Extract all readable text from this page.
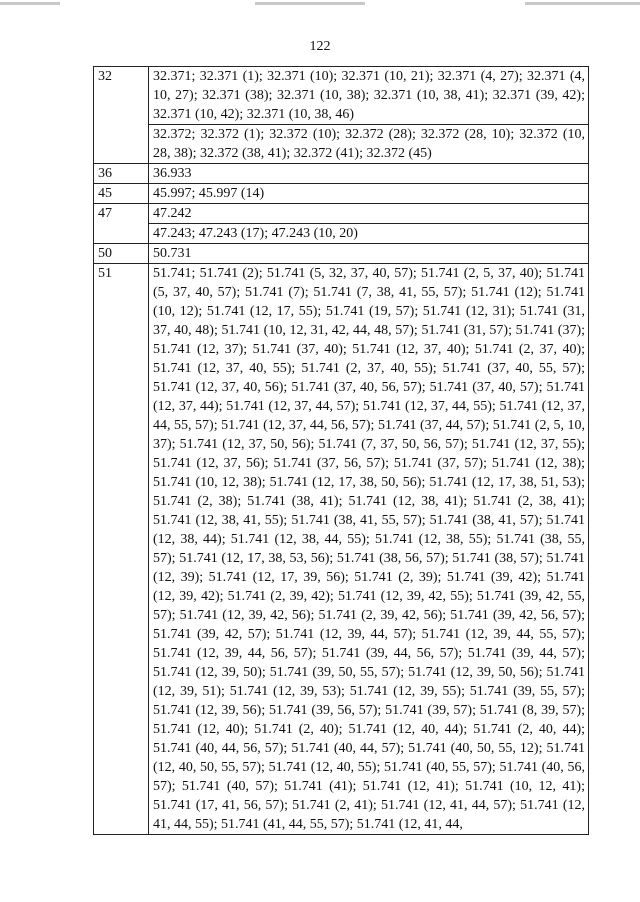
122
32	32.371; 32.371 (1); 32.371 (10); 32.371 (10, 21); 32.371 (4, 27); 32.371 (4, 10, 27); 32.371 (38); 32.371 (10, 38); 32.371 (10, 38, 41); 32.371 (39, 42); 32.371 (10, 42); 32.371 (10, 38, 46)
	32.372; 32.372 (1); 32.372 (10); 32.372 (28); 32.372 (28, 10); 32.372 (10, 28, 38); 32.372 (38, 41); 32.372 (41); 32.372 (45)
36	36.933
45	45.997; 45.997 (14)
47	47.242
	47.243; 47.243 (17); 47.243 (10, 20)
50	50.731
51	51.741; 51.741 (2); 51.741 (5, 32, 37, 40, 57); 51.741 (2, 5, 37, 40); 51.741 (5, 37, 40, 57); 51.741 (7); 51.741 (7, 38, 41, 55, 57); 51.741 (12); 51.741 (10, 12); 51.741 (12, 17, 55); 51.741 (19, 57); 51.741 (12, 31); 51.741 (31, 37, 40, 48); 51.741 (10, 12, 31, 42, 44, 48, 57); 51.741 (31, 57); 51.741 (37); 51.741 (12, 37); 51.741 (37, 40); 51.741 (12, 37, 40); 51.741 (2, 37, 40); 51.741 (12, 37, 40, 55); 51.741 (2, 37, 40, 55); 51.741 (37, 40, 55, 57); 51.741 (12, 37, 40, 56); 51.741 (37, 40, 56, 57); 51.741 (37, 40, 57); 51.741 (12, 37, 44); 51.741 (12, 37, 44, 57); 51.741 (12, 37, 44, 55); 51.741 (12, 37, 44, 55, 57); 51.741 (12, 37, 44, 56, 57); 51.741 (37, 44, 57); 51.741 (2, 5, 10, 37); 51.741 (12, 37, 50, 56); 51.741 (7, 37, 50, 56, 57); 51.741 (12, 37, 55); 51.741 (12, 37, 56); 51.741 (37, 56, 57); 51.741 (37, 57); 51.741 (12, 38); 51.741 (10, 12, 38); 51.741 (12, 17, 38, 50, 56); 51.741 (12, 17, 38, 51, 53); 51.741 (2, 38); 51.741 (38, 41); 51.741 (12, 38, 41); 51.741 (2, 38, 41); 51.741 (12, 38, 41, 55); 51.741 (38, 41, 55, 57); 51.741 (38, 41, 57); 51.741 (12, 38, 44); 51.741 (12, 38, 44, 55); 51.741 (12, 38, 55); 51.741 (38, 55, 57); 51.741 (12, 17, 38, 53, 56); 51.741 (38, 56, 57); 51.741 (38, 57); 51.741 (12, 39); 51.741 (12, 17, 39, 56); 51.741 (2, 39); 51.741 (39, 42); 51.741 (12, 39, 42); 51.741 (2, 39, 42); 51.741 (12, 39, 42, 55); 51.741 (39, 42, 55, 57); 51.741 (12, 39, 42, 56); 51.741 (2, 39, 42, 56); 51.741 (39, 42, 56, 57); 51.741 (39, 42, 57); 51.741 (12, 39, 44, 57); 51.741 (12, 39, 44, 55, 57); 51.741 (12, 39, 44, 56, 57); 51.741 (39, 44, 56, 57); 51.741 (39, 44, 57); 51.741 (12, 39, 50); 51.741 (39, 50, 55, 57); 51.741 (12, 39, 50, 56); 51.741 (12, 39, 51); 51.741 (12, 39, 53); 51.741 (12, 39, 55); 51.741 (39, 55, 57); 51.741 (12, 39, 56); 51.741 (39, 56, 57); 51.741 (39, 57); 51.741 (8, 39, 57); 51.741 (12, 40); 51.741 (2, 40); 51.741 (12, 40, 44); 51.741 (2, 40, 44); 51.741 (40, 44, 56, 57); 51.741 (40, 44, 57); 51.741 (40, 50, 55, 12); 51.741 (12, 40, 50, 55, 57); 51.741 (12, 40, 55); 51.741 (40, 55, 57); 51.741 (40, 56, 57); 51.741 (40, 57); 51.741 (41); 51.741 (12, 41); 51.741 (10, 12, 41); 51.741 (17, 41, 56, 57); 51.741 (2, 41); 51.741 (12, 41, 44, 57); 51.741 (12, 41, 44, 55); 51.741 (41, 44, 55, 57); 51.741 (12, 41, 44,
